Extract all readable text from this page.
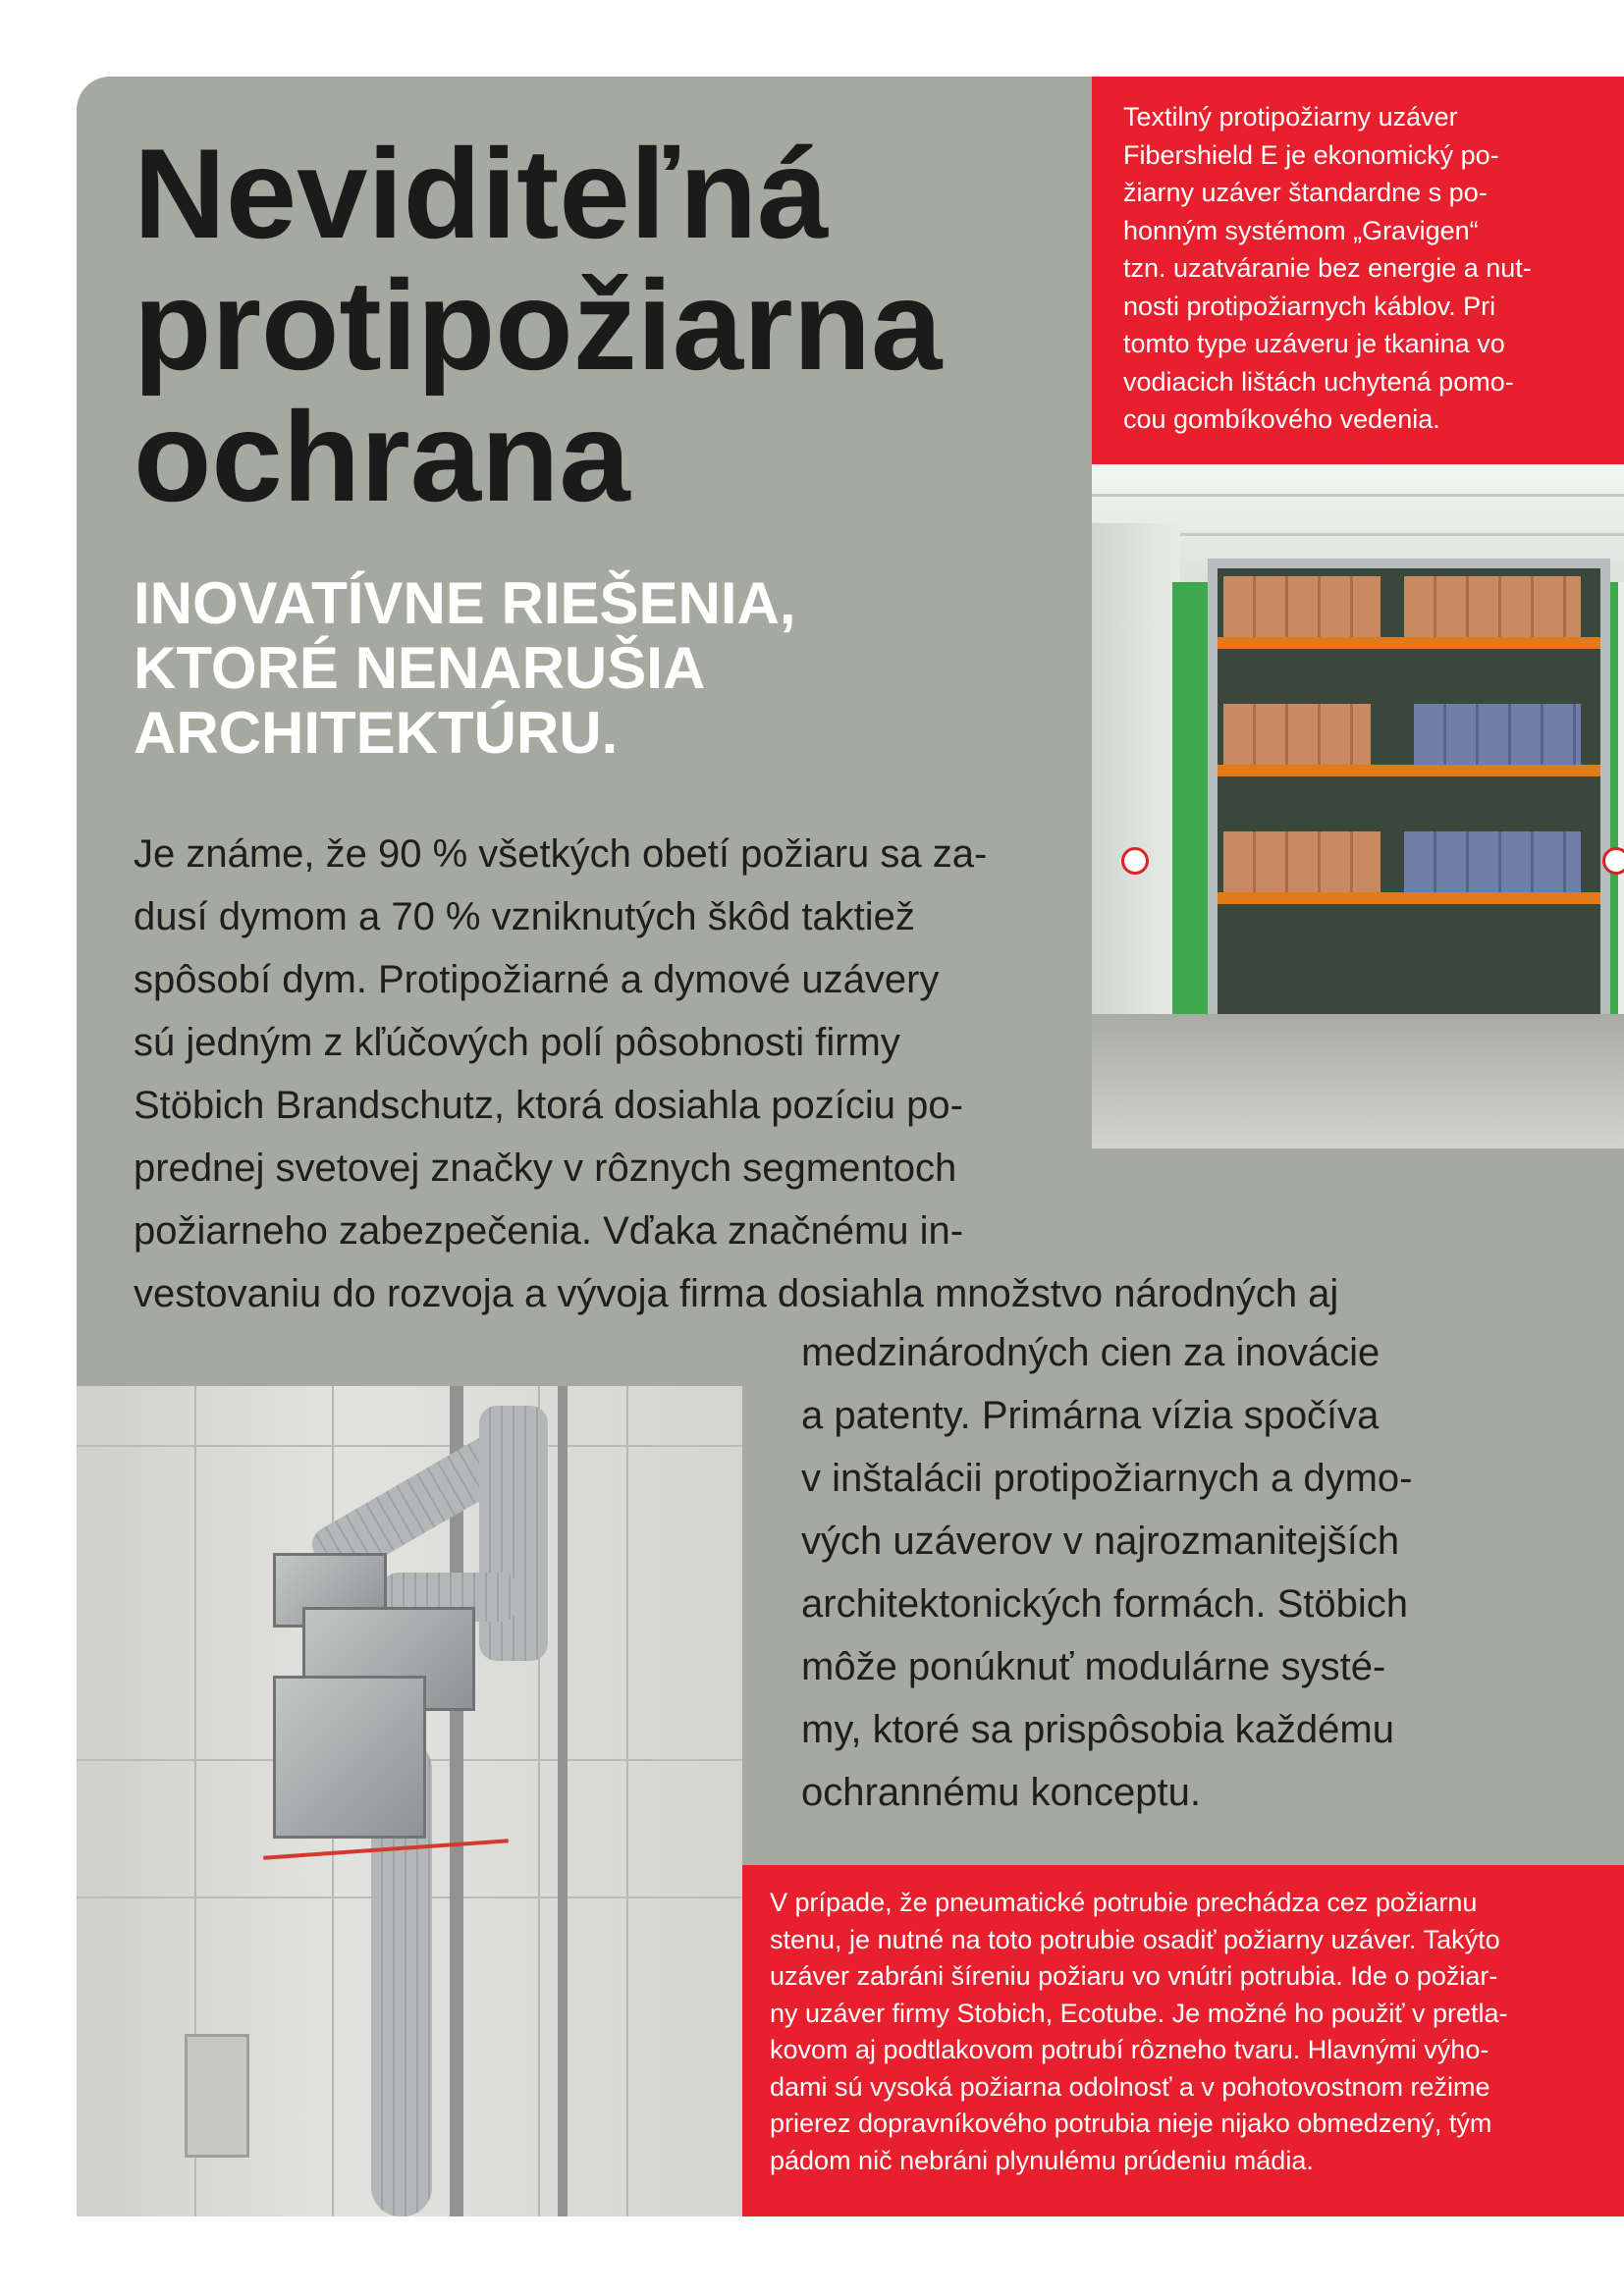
Neviditeľná
protipožiarna
ochrana
INOVATÍVNE RIEŠENIA,
KTORÉ NENARUŠIA
ARCHITEKTÚRU.
Je známe, že 90 % všetkých obetí požiaru sa za-
dusí dymom a 70 % vzniknutých škôd taktiež
spôsobí dym. Protipožiarné a dymové uzávery
sú jedným z kľúčových polí pôsobnosti firmy
Stöbich Brandschutz, ktorá dosiahla pozíciu po-
prednej svetovej značky v rôznych segmentoch
požiarneho zabezpečenia. Vďaka značnému in-
vestovaniu do rozvoja a vývoja firma dosiahla množstvo národných aj
medzinárodných cien za inovácie
a patenty. Primárna vízia spočíva
v inštalácii protipožiarnych a dymo-
vých uzáverov v najrozmanitejších
architektonických formách. Stöbich
môže ponúknuť modulárne systé-
my, ktoré sa prispôsobia každému
ochrannému konceptu.
Textilný protipožiarny uzáver
Fibershield E je ekonomický po-
žiarny uzáver štandardne s po-
honným systémom „Gravigen“
tzn. uzatváranie bez energie a nut-
nosti protipožiarnych káblov. Pri
tomto type uzáveru je tkanina vo
vodiacich lištách uchytená pomo-
cou gombíkového vedenia.
V prípade, že pneumatické potrubie prechádza cez požiarnu
stenu, je nutné na toto potrubie osadiť požiarny uzáver. Takýto
uzáver zabráni šíreniu požiaru vo vnútri potrubia. Ide o požiar-
ny uzáver firmy Stobich, Ecotube. Je možné ho použiť v pretla-
kovom aj podtlakovom potrubí rôzneho tvaru. Hlavnými výho-
dami sú vysoká požiarna odolnosť a v pohotovostnom režime
prierez dopravníkového potrubia nieje nijako obmedzený, tým
pádom nič nebráni plynulému prúdeniu mádia.
